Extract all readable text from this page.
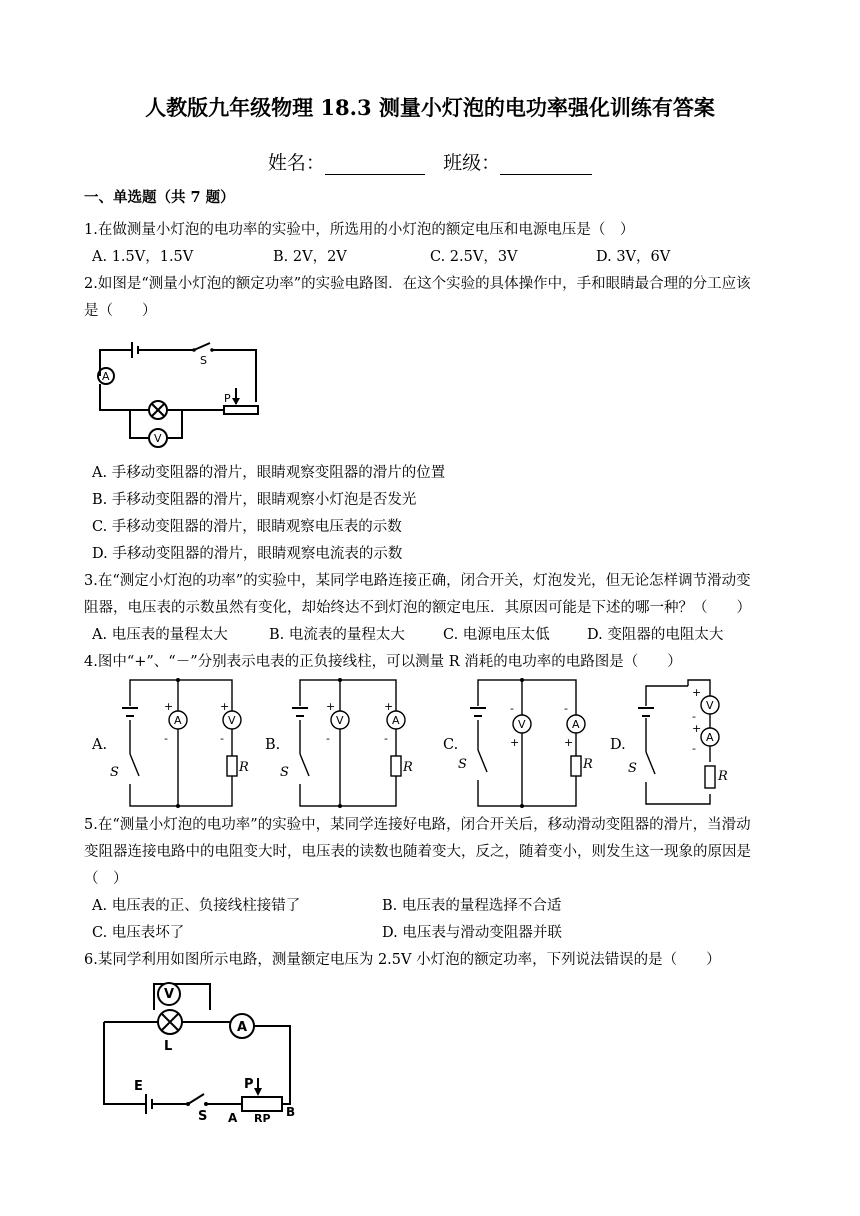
人教版九年级物理 18.3 测量小灯泡的电功率强化训练有答案
姓名：	班级：
一、单选题（共 7 题）
1.在做测量小灯泡的电功率的实验中，所选用的小灯泡的额定电压和电源电压是（　）
A. 1.5V，1.5V	B. 2V，2V	C. 2.5V，3V	D. 3V，6V
2.如图是“测量小灯泡的额定功率”的实验电路图．在这个实验的具体操作中，手和眼睛最合理的分工应该
是（　　）
A
P
S
V
A. 手移动变阻器的滑片，眼睛观察变阻器的滑片的位置
B. 手移动变阻器的滑片，眼睛观察小灯泡是否发光
C. 手移动变阻器的滑片，眼睛观察电压表的示数
D. 手移动变阻器的滑片，眼睛观察电流表的示数
3.在“测定小灯泡的功率”的实验中，某同学电路连接正确，闭合开关，灯泡发光，但无论怎样调节滑动变
阻器，电压表的示数虽然有变化，却始终达不到灯泡的额定电压．其原因可能是下述的哪一种？（　　）
A. 电压表的量程太大	B. 电流表的量程太大	C. 电源电压太低	D. 变阻器的电阻太大
4.图中“+”、“－”分别表示电表的正负接线柱，可以测量 R 消耗的电功率的电路图是（　　）
A.	B.	C.	D.
S
A
+
-
V
+
-
R S
V
+
-
A
+
-
R	S
V
-
+
A
-
+
R	S
V
+
-
A
+
-
R
5.在“测量小灯泡的电功率”的实验中，某同学连接好电路，闭合开关后，移动滑动变阻器的滑片，当滑动
变阻器连接电路中的电阻变大时，电压表的读数也随着变大，反之，随着变小，则发生这一现象的原因是
（　）
A. 电压表的正、负接线柱接错了	B. 电压表的量程选择不合适
C. 电压表坏了	D. 电压表与滑动变阻器并联
6.某同学利用如图所示电路，测量额定电压为 2.5V 小灯泡的额定功率，下列说法错误的是（　　）
V
L
A
E
S
P
A RP B
